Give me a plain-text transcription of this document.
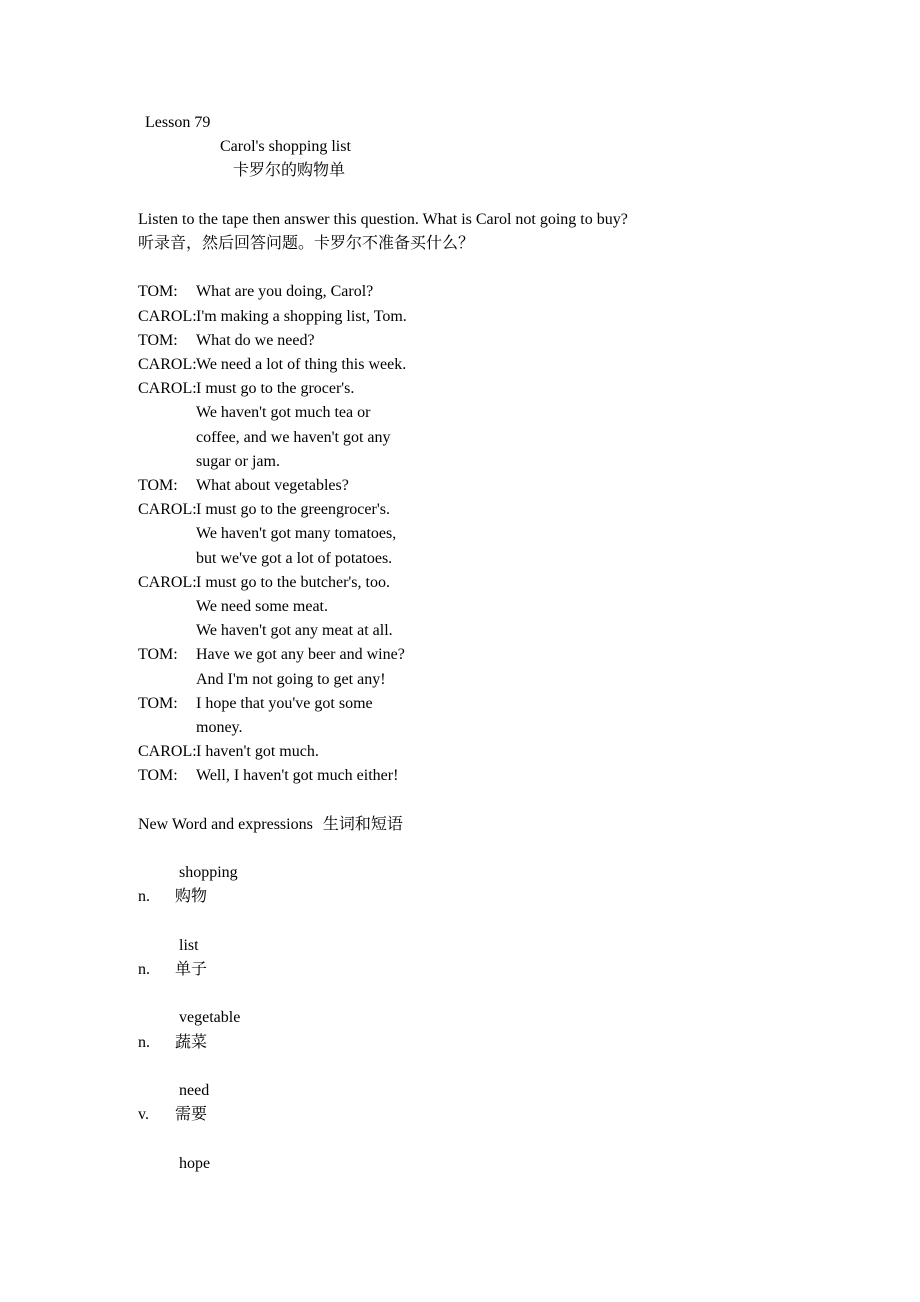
Lesson 79
Carol's shopping list
卡罗尔的购物单
Listen to the tape then answer this question. What is Carol not going to buy?
听录音，然后回答问题。卡罗尔不准备买什么？
TOM:	What are you doing, Carol?
CAROL: I'm making a shopping list, Tom.
TOM:	What do we need?
CAROL: We need a lot of thing this week.
CAROL: I must go to the grocer's.
We haven't got much tea or
coffee, and we haven't got any
sugar or jam.
TOM:	What about vegetables?
CAROL: I must go to the greengrocer's.
We haven't got many tomatoes,
but we've got a lot of potatoes.
CAROL: I must go to the butcher's, too.
We need some meat.
We haven't got any meat at all.
TOM:	Have we got any beer and wine?
And I'm not going to get any!
TOM:	I hope that you've got some
money.
CAROL: I haven't got much.
TOM:	Well, I haven't got much either!
New Word and expressions 生词和短语
shopping
n.	购物
list
n.	单子
vegetable
n.	蔬菜
need
v.	需要
hope
